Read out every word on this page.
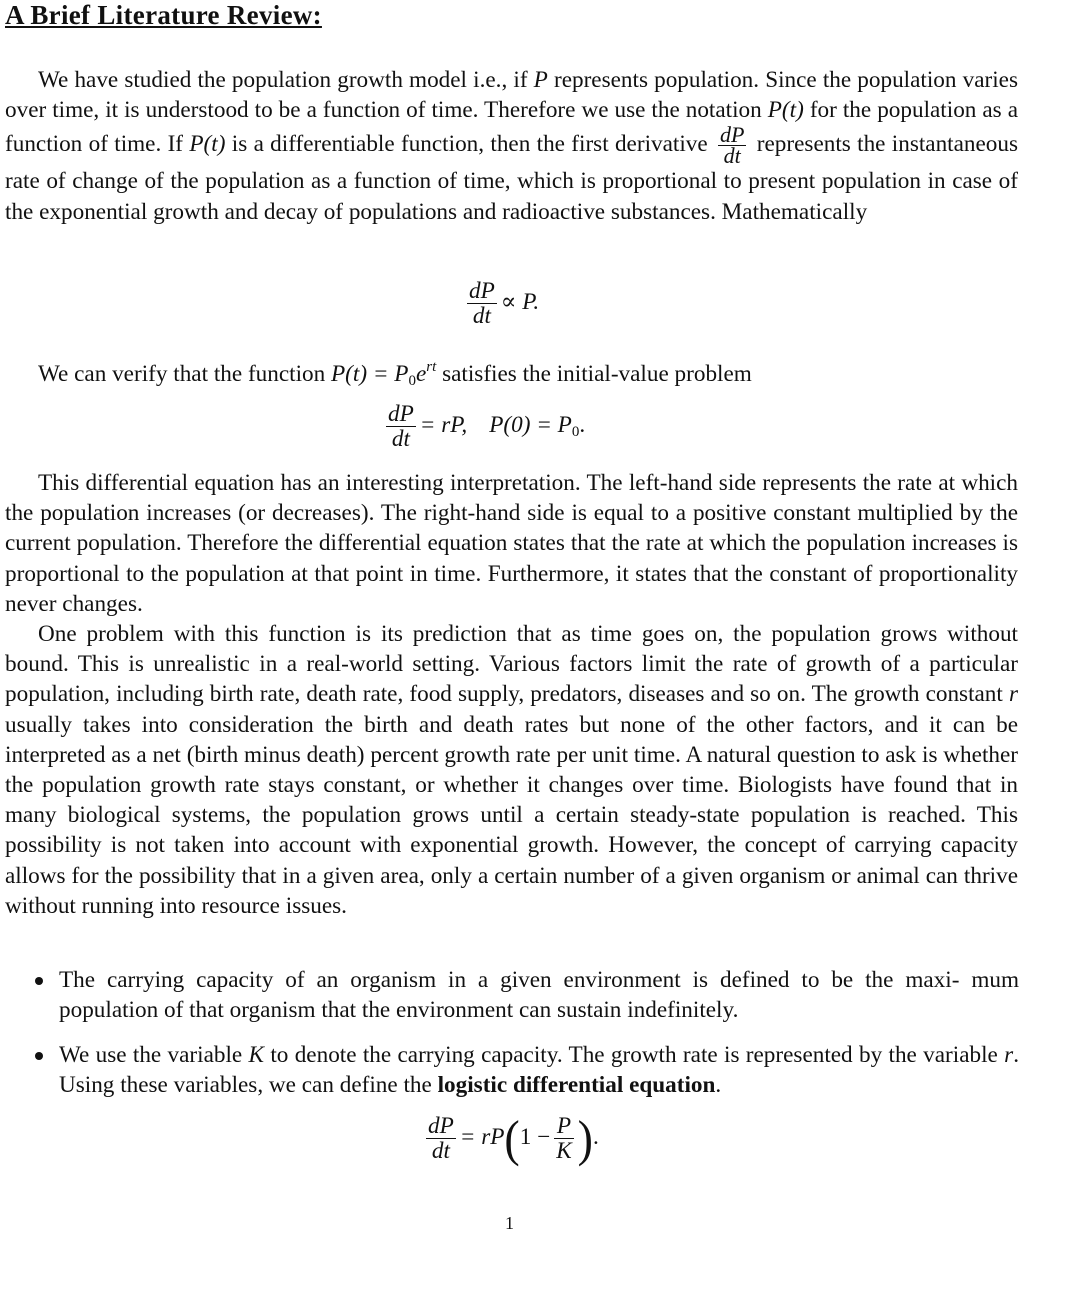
A Brief Literature Review:

We have studied the population growth model i.e., if P represents population. Since the population varies over time, it is understood to be a function of time. Therefore we use the notation P(t) for the population as a function of time. If P(t) is a differentiable function, then the first derivative $\frac{dP}{dt}$ represents the instantaneous rate of change of the population as a function of time, which is proportional to present population in case of the exponential growth and decay of populations and radioactive substances. Mathematically

$\frac{dP}{dt} \propto P$.

We can verify that the function $P(t) = P_0e^{rt}$ satisfies the initial-value problem

$\frac{dP}{dt}$ = rP, $P(0) = P_0$.

This differential equation has an interesting interpretation. The left-hand side represents the rate at which the population increases (or decreases). The right-hand side is equal to a positive constant multiplied by the current population. Therefore the differential equation states that the rate at which the population increases is proportional to the population at that point in time. Furthermore, it states that the constant of proportionality never changes.

One problem with this function is its prediction that as time goes on, the population grows without bound. This is unrealistic in a real-world setting. Various factors limit the rate of growth of a particular population, including birth rate, death rate, food supply, predators, diseases and so on. The growth constant r usually takes into consideration the birth and death rates but none of the other factors, and it can be interpreted as a net (birth minus death) percent growth rate per unit time. A natural question to ask is whether the population growth rate stays constant, or whether it changes over time. Biologists have found that in many biological systems, the population grows until a certain steady-state population is reached. This possibility is not taken into account with exponential growth. However, the concept of carrying capacity allows for the possibility that in a given area, only a certain number of a given organism or animal can thrive without running into resource issues.

The carrying capacity of an organism in a given environment is defined to be the maxi- mum population of that organism that the environment can sustain indefinitely.
We use the variable K to denote the carrying capacity. The growth rate is represented by the variable r. Using these variables, we can define the logistic differential equation.
$\frac{dP}{dt} = rP(1 - \frac{P}{K}$ ).
1
